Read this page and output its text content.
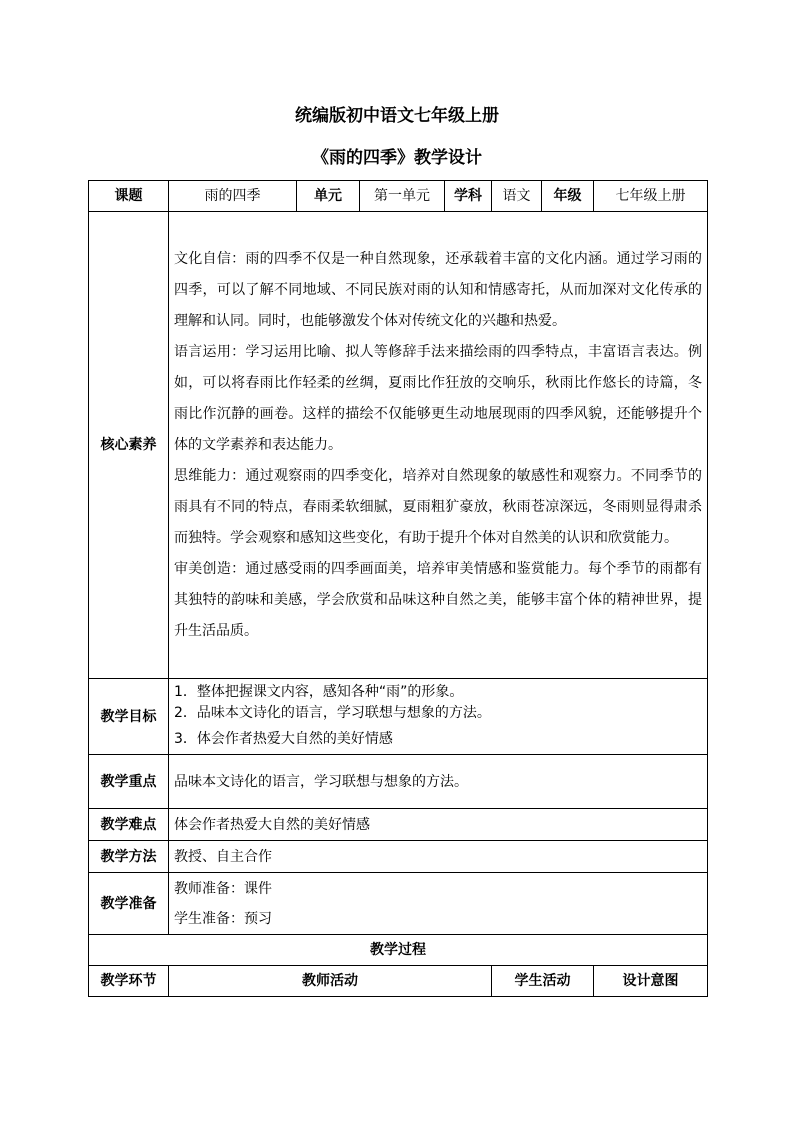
统编版初中语文七年级上册
《雨的四季》教学设计
课题	雨的四季	单元	第一单元	学科	语文	年级	七年级上册
核心素养	文化自信：雨的四季不仅是一种自然现象，还承载着丰富的文化内涵。通过学习雨的四季，可以了解不同地域、不同民族对雨的认知和情感寄托，从而加深对文化传承的理解和认同。同时，也能够激发个体对传统文化的兴趣和热爱。

语言运用：学习运用比喻、拟人等修辞手法来描绘雨的四季特点，丰富语言表达。例如，可以将春雨比作轻柔的丝绸，夏雨比作狂放的交响乐，秋雨比作悠长的诗篇，冬雨比作沉静的画卷。这样的描绘不仅能够更生动地展现雨的四季风貌，还能够提升个体的文学素养和表达能力。

思维能力：通过观察雨的四季变化，培养对自然现象的敏感性和观察力。不同季节的雨具有不同的特点，春雨柔软细腻，夏雨粗犷豪放，秋雨苍凉深远，冬雨则显得肃杀而独特。学会观察和感知这些变化，有助于提升个体对自然美的认识和欣赏能力。

审美创造：通过感受雨的四季画面美，培养审美情感和鉴赏能力。每个季节的雨都有其独特的韵味和美感，学会欣赏和品味这种自然之美，能够丰富个体的精神世界，提升生活品质。						

教学目标	1．整体把握课文内容，感知各种“雨”的形象。

2．品味本文诗化的语言，学习联想与想象的方法。

3．体会作者热爱大自然的美好情感						

教学重点	品味本文诗化的语言，学习联想与想象的方法。						
教学难点	体会作者热爱大自然的美好情感						
教学方法	教授、自主合作						
教学准备	教师准备：课件

学生准备：预习						

教学过程							
教学环节	教师活动				学生活动		设计意图
